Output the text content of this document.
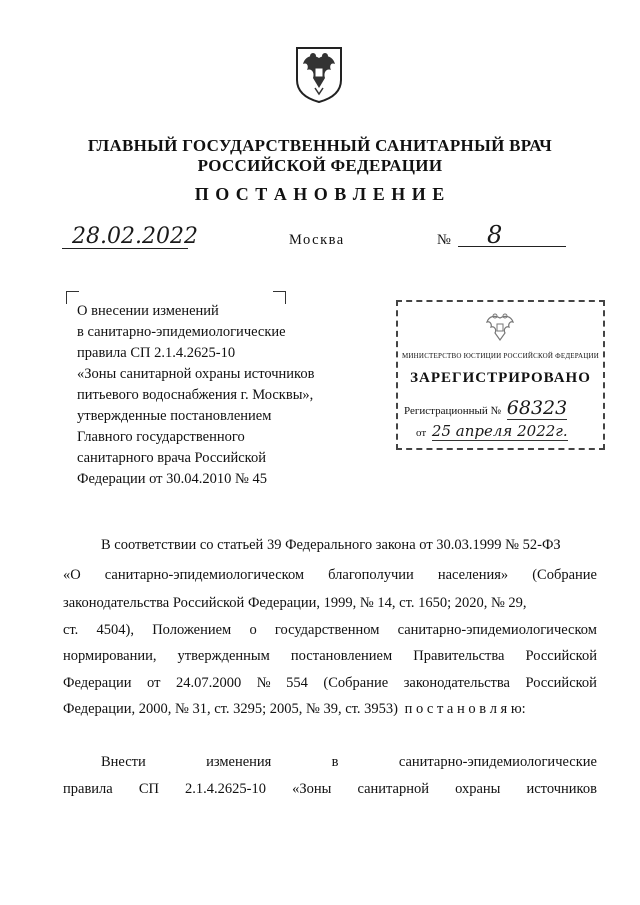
ГЛАВНЫЙ ГОСУДАРСТВЕННЫЙ САНИТАРНЫЙ ВРАЧ
РОССИЙСКОЙ ФЕДЕРАЦИИ
П О С Т А Н О В Л Е Н И Е
28.02.2022	Москва	№ 8
О внесении изменений
в санитарно-эпидемиологические
правила СП 2.1.4.2625-10
«Зоны санитарной охраны источников
питьевого водоснабжения г. Москвы»,
утвержденные постановлением
Главного государственного
санитарного врача Российской
Федерации от 30.04.2010 № 45
МИНИСТЕРСТВО ЮСТИЦИИ РОССИЙСКОЙ ФЕДЕРАЦИИ
ЗАРЕГИСТРИРОВАНО
Регистрационный № 68323
от 25 апреля 2022г.
В соответствии со статьей 39 Федерального закона от 30.03.1999 № 52-ФЗ
«О санитарно-эпидемиологическом благополучии населения» (Собрание
законодательства Российской Федерации, 1999, № 14, ст. 1650; 2020, № 29,
ст. 4504), Положением о государственном санитарно-эпидемиологическом
нормировании, утвержденным постановлением Правительства Российской
Федерации от 24.07.2000 № 554 (Собрание законодательства Российской
Федерации, 2000, № 31, ст. 3295; 2005, № 39, ст. 3953) п о с т а н о в л я ю:
Внести	изменения	в	санитарно-эпидемиологические
правила СП 2.1.4.2625-10 «Зоны санитарной охраны источников
